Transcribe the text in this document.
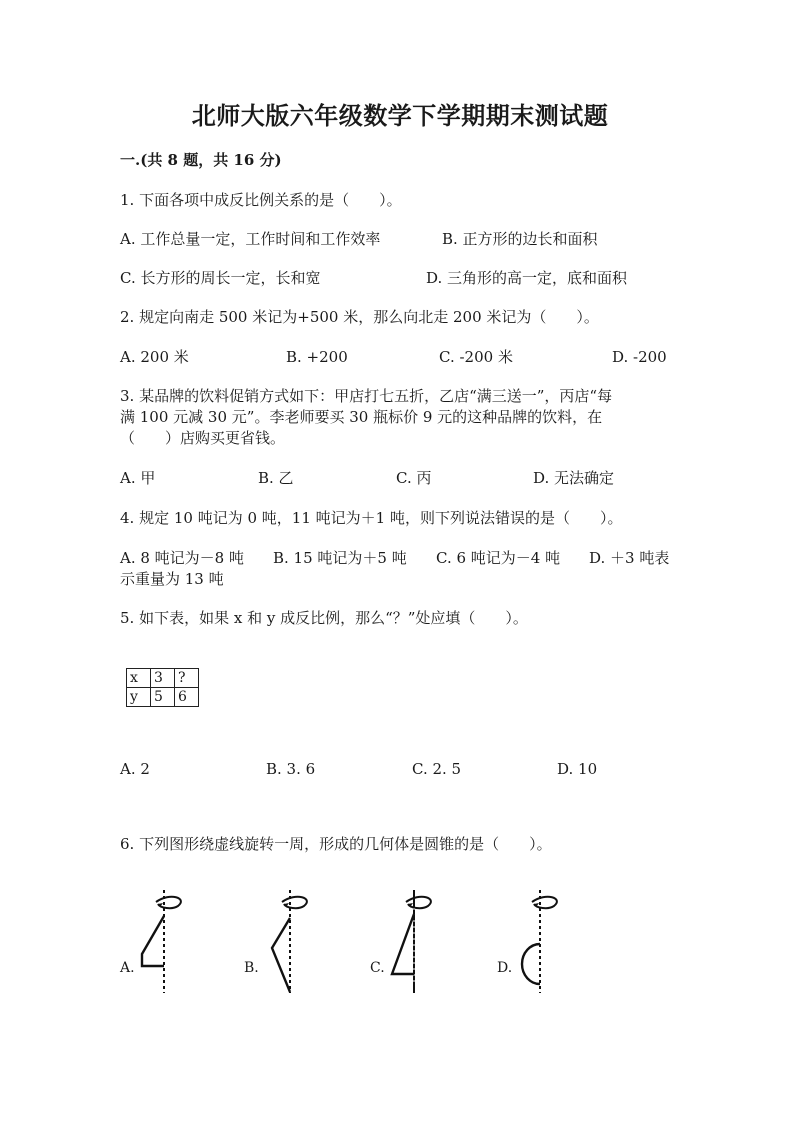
北师大版六年级数学下学期期末测试题
一.(共 8 题，共 16 分)
1. 下面各项中成反比例关系的是（　　）。
A. 工作总量一定，工作时间和工作效率	B. 正方形的边长和面积
C. 长方形的周长一定，长和宽	D. 三角形的高一定，底和面积
2. 规定向南走 500 米记为+500 米，那么向北走 200 米记为（　　）。
A. 200 米	B. +200	C. -200 米	D. -200
3. 某品牌的饮料促销方式如下：甲店打七五折，乙店“满三送一”，丙店“每
满 100 元减 30 元”。李老师要买 30 瓶标价 9 元的这种品牌的饮料，在
（　　）店购买更省钱。
A. 甲	B. 乙	C. 丙	D. 无法确定
4. 规定 10 吨记为 0 吨，11 吨记为＋1 吨，则下列说法错误的是（　　）。
A. 8 吨记为－8 吨 B. 15 吨记为＋5 吨 C. 6 吨记为－4 吨 D. ＋3 吨表
示重量为 13 吨
5. 如下表，如果 x 和 y 成反比例，那么“？”处应填（　　）。
x	3	?
y	5	6
A. 2	B. 3. 6	C. 2. 5	D. 10
6. 下列图形绕虚线旋转一周，形成的几何体是圆锥的是（　　）。
A.	B.	C.	D.
